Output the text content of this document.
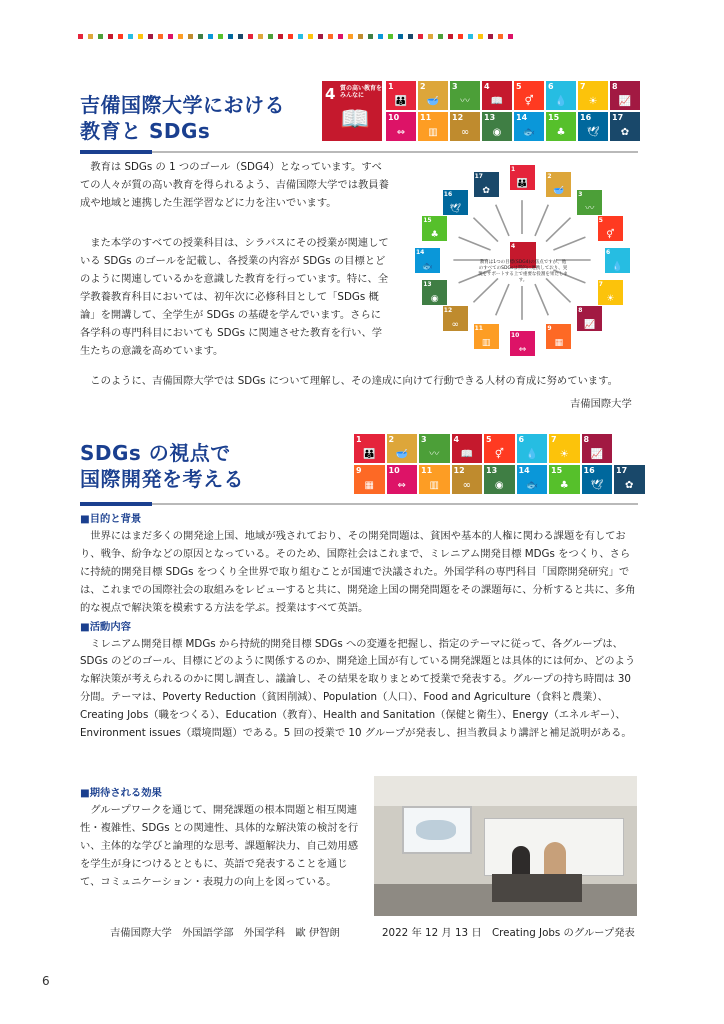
吉備国際大学における
教育と SDGs
4 質の高い教育を
みんなに
📖
1
👪
2
🥣
3
〰
4
📖
5
⚥
6
💧
7
☀
8
📈
10
⇔
11
▥
12
∞
13
◉
14
🐟
15
♣
16
🕊
17
✿
教育は SDGs の 1 つのゴール（SDG4）となっています。すべての人々が質の高い教育を得られるよう、吉備国際大学では教員養成や地域と連携した生涯学習などに力を注いでいます。
また本学のすべての授業科目は、シラバスにその授業が関連している SDGs のゴールを記載し、各授業の内容が SDGs の目標とどのように関連しているかを意識した教育を行っています。特に、全学教養教育科目においては、初年次に必修科目として「SDGs 概論」を開講して、全学生が SDGs の基礎を学んでいます。さらに各学科の専門科目においても SDGs に関連させた教育を行い、学生たちの意識を高めています。
4
教育は1つの目標(SDG4)の焦点ですが、他のすべてのSDGsは質的に連携しており、実現をサポートする上で重要な役割を果たします。
1
👪
2
🥣 3
〰
5
⚥
6
💧
7
☀
8
📈
9
▦
10
⇔
11
▥
12
∞
13
◉
14
🐟
15
♣
16
🕊
17
✿
このように、吉備国際大学では SDGs について理解し、その達成に向けて行動できる人材の育成に努めています。
吉備国際大学
SDGs の視点で
国際開発を考える
1
👪
2
🥣
3
〰
4
📖
5
⚥
6
💧
7
☀
8
📈
9
▦
10
⇔
11
▥
12
∞
13
◉
14
🐟
15
♣
16
🕊
17
✿
■目的と背景

世界にはまだ多くの開発途上国、地域が残されており、その開発問題は、貧困や基本的人権に関わる課題を有しており、戦争、紛争などの原因となっている。そのため、国際社会はこれまで、ミレニアム開発目標 MDGs をつくり、さらに持続的開発目標 SDGs をつくり全世界で取り組むことが国連で決議された。外国学科の専門科目「国際開発研究」では、これまでの国際社会の取組みをレビューすると共に、開発途上国の開発問題をその課題毎に、分析すると共に、多角的な視点で解決策を模索する方法を学ぶ。授業はすべて英語。

■活動内容

ミレニアム開発目標 MDGs から持続的開発目標 SDGs への変遷を把握し、指定のテーマに従って、各グループは、SDGs のどのゴール、目標にどのように関係するのか、開発途上国が有している開発課題とは具体的には何か、どのような解決策が考えられるのかに関し調査し、議論し、その結果を取りまとめて授業で発表する。グループの持ち時間は 30 分間。テーマは、Poverty Reduction（貧困削減）、Population（人口）、Food and Agriculture（食料と農業）、Creating Jobs（職をつくる）、Education（教育）、Health and Sanitation（保健と衛生）、Energy（エネルギー）、Environment issues（環境問題）である。5 回の授業で 10 グループが発表し、担当教員より講評と補足説明がある。

■期待される効果

グループワークを通じて、開発課題の根本問題と相互関連性・複雑性、SDGs との関連性、具体的な解決策の検討を行い、主体的な学びと論理的な思考、課題解決力、自己効用感を学生が身につけるとともに、英語で発表することを通じて、コミュニケーション・表現力の向上を図っている。

吉備国際大学　外国語学部　外国学科　歐 伊智朗	2022 年 12 月 13 日　Creating Jobs のグループ発表
6
